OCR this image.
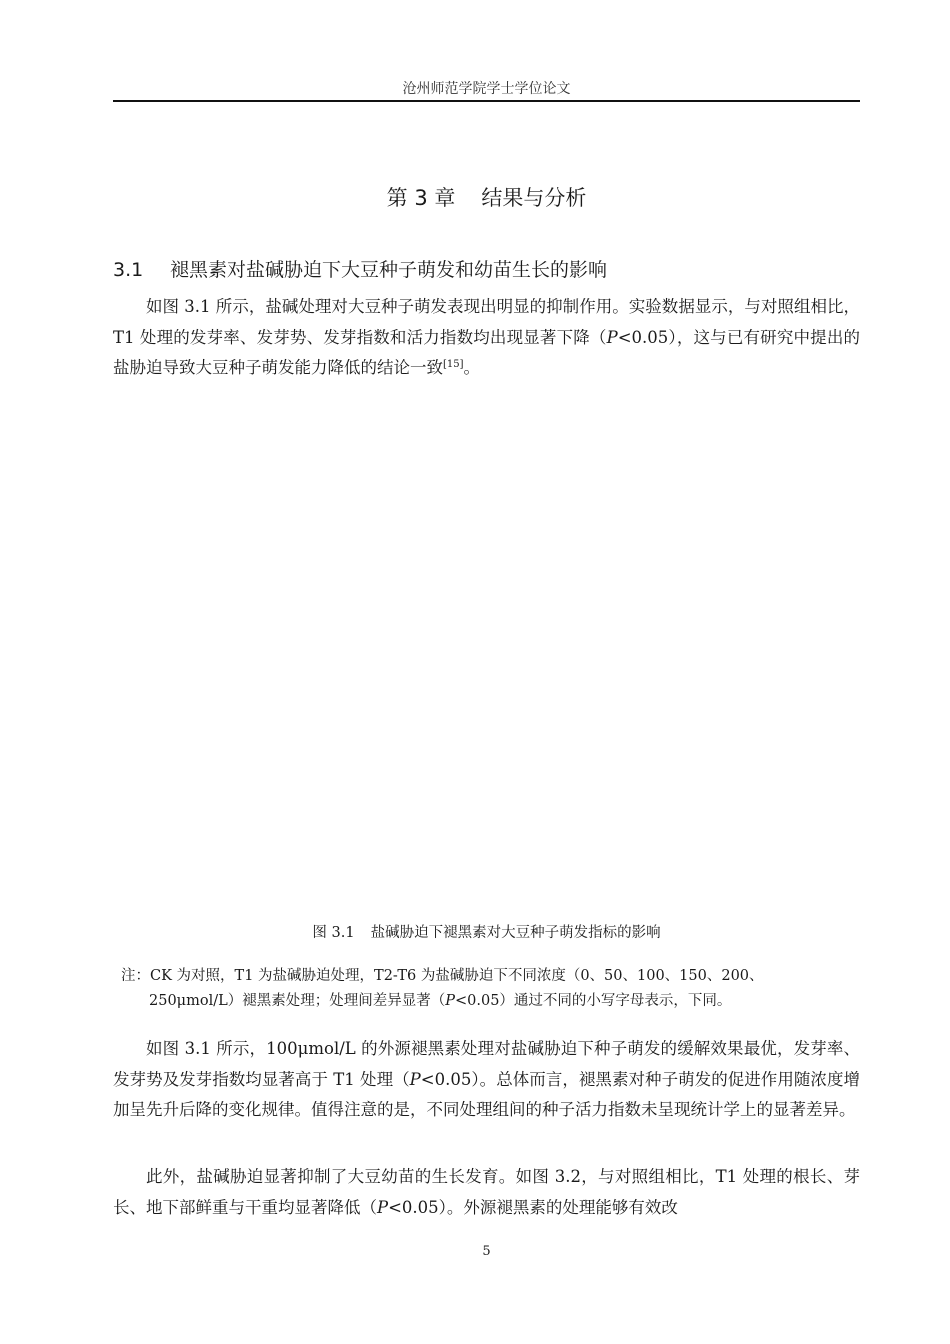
沧州师范学院学士学位论文
第 3 章 结果与分析
3.1 褪黑素对盐碱胁迫下大豆种子萌发和幼苗生长的影响

如图 3.1 所示，盐碱处理对大豆种子萌发表现出明显的抑制作用。实验数据显示，与对照组相比，T1 处理的发芽率、发芽势、发芽指数和活力指数均出现显著下降（P<0.05），这与已有研究中提出的盐胁迫导致大豆种子萌发能力降低的结论一致[15]。

图 3.1 盐碱胁迫下褪黑素对大豆种子萌发指标的影响
注：CK 为对照，T1 为盐碱胁迫处理，T2-T6 为盐碱胁迫下不同浓度（0、50、100、150、200、
250μmol/L）褪黑素处理；处理间差异显著（P<0.05）通过不同的小写字母表示，下同。

如图 3.1 所示，100μmol/L 的外源褪黑素处理对盐碱胁迫下种子萌发的缓解效果最优，发芽率、发芽势及发芽指数均显著高于 T1 处理（P<0.05）。总体而言，褪黑素对种子萌发的促进作用随浓度增加呈先升后降的变化规律。值得注意的是，不同处理组间的种子活力指数未呈现统计学上的显著差异。

此外，盐碱胁迫显著抑制了大豆幼苗的生长发育。如图 3.2，与对照组相比，T1 处理的根长、芽长、地下部鲜重与干重均显著降低（P<0.05）。外源褪黑素的处理能够有效改

5
